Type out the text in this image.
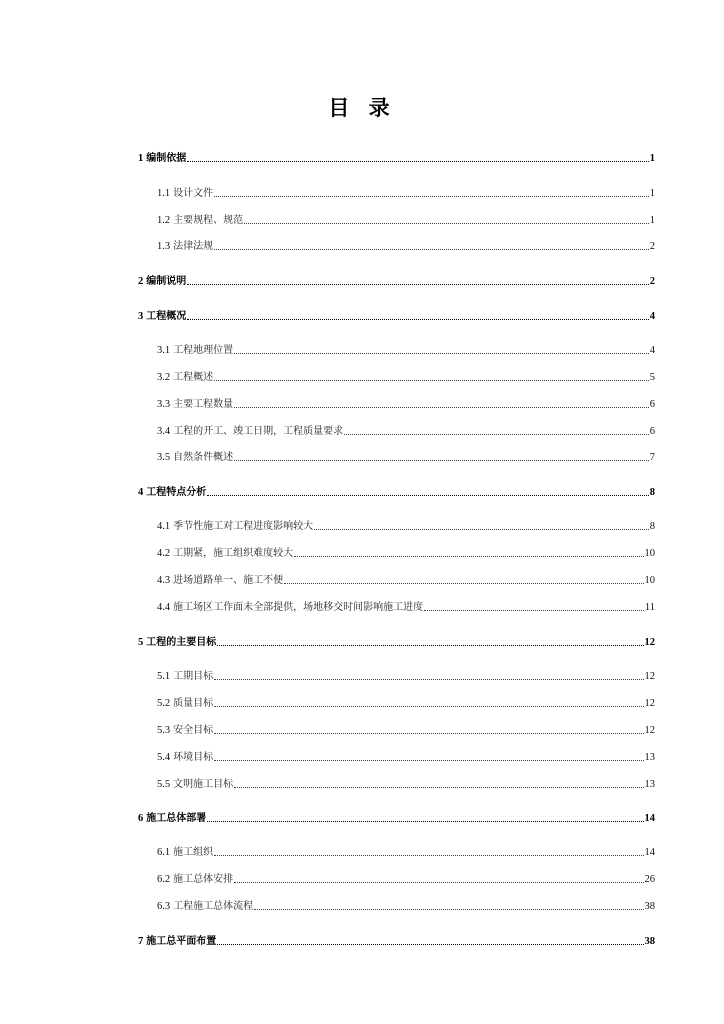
目 录
1 编制依据	1
1.1 设计文件	1
1.2 主要规程、规范	1
1.3 法律法规	2
2 编制说明	2
3 工程概况	4
3.1 工程地理位置	4
3.2 工程概述	5
3.3 主要工程数量	6
3.4 工程的开工、竣工日期，工程质量要求	6
3.5 自然条件概述	7
4 工程特点分析	8
4.1 季节性施工对工程进度影响较大	8
4.2 工期紧，施工组织难度较大	10
4.3 进场道路单一、施工不便	10
4.4 施工场区工作面未全部提供，场地移交时间影响施工进度	11
5 工程的主要目标	12
5.1 工期目标	12
5.2 质量目标	12
5.3 安全目标	12
5.4 环境目标	13
5.5 文明施工目标	13
6 施工总体部署	14
6.1 施工组织	14
6.2 施工总体安排	26
6.3 工程施工总体流程	38
7 施工总平面布置	38
